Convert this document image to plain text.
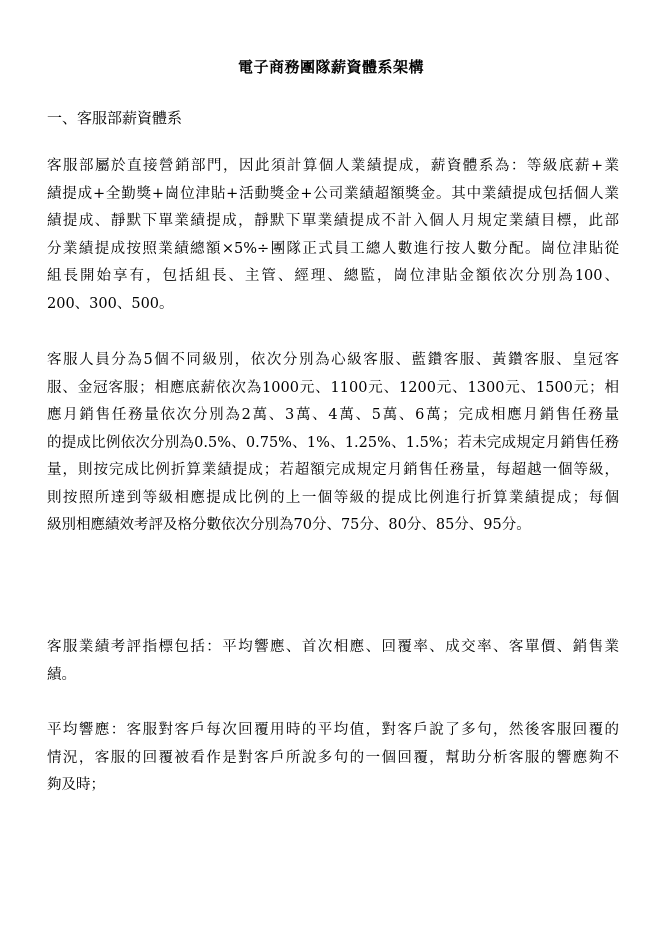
電子商務團隊薪資體系架構
一、客服部薪資體系
客服部屬於直接營銷部門，因此須計算個人業績提成，薪資體系為：等級底薪+業
績提成+全勤獎+崗位津貼+活動獎金+公司業績超額獎金。其中業績提成包括個人業
績提成、靜默下單業績提成，靜默下單業績提成不計入個人月規定業績目標，此部
分業績提成按照業績總額×5%÷團隊正式員工總人數進行按人數分配。崗位津貼從
組長開始享有，包括組長、主管、經理、總監，崗位津貼金額依次分別為100、
200、300、500。
客服人員分為5個不同級別，依次分別為心級客服、藍鑽客服、黃鑽客服、皇冠客
服、金冠客服；相應底薪依次為1000元、1100元、1200元、1300元、1500元；相
應月銷售任務量依次分別為2萬、3萬、4萬、5萬、6萬；完成相應月銷售任務量
的提成比例依次分別為0.5%、0.75%、1%、1.25%、1.5%；若未完成規定月銷售任務
量，則按完成比例折算業績提成；若超額完成規定月銷售任務量，每超越一個等級，
則按照所達到等級相應提成比例的上一個等級的提成比例進行折算業績提成；每個
級別相應績效考評及格分數依次分別為70分、75分、80分、85分、95分。
客服業績考評指標包括：平均響應、首次相應、回覆率、成交率、客單價、銷售業
績。
平均響應：客服對客戶每次回覆用時的平均值，對客戶說了多句，然後客服回覆的
情況，客服的回覆被看作是對客戶所說多句的一個回覆，幫助分析客服的響應夠不
夠及時；
